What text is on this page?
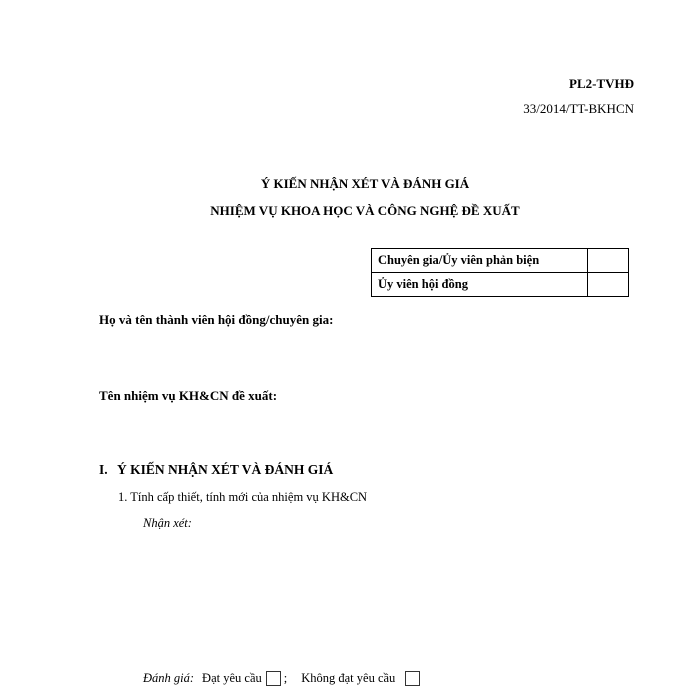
PL2-TVHĐ
33/2014/TT-BKHCN
Ý KIẾN NHẬN XÉT VÀ ĐÁNH GIÁ
NHIỆM VỤ KHOA HỌC VÀ CÔNG NGHỆ ĐỀ XUẤT
Chuyên gia/Ủy viên phản biện	
Ủy viên hội đồng	
Họ và tên thành viên hội đồng/chuyên gia:
Tên nhiệm vụ KH&CN đề xuất:
I. Ý KIẾN NHẬN XÉT VÀ ĐÁNH GIÁ
1. Tính cấp thiết, tính mới của nhiệm vụ KH&CN
Nhận xét:
Đánh giá: Đạt yêu cầu ; Không đạt yêu cầu
